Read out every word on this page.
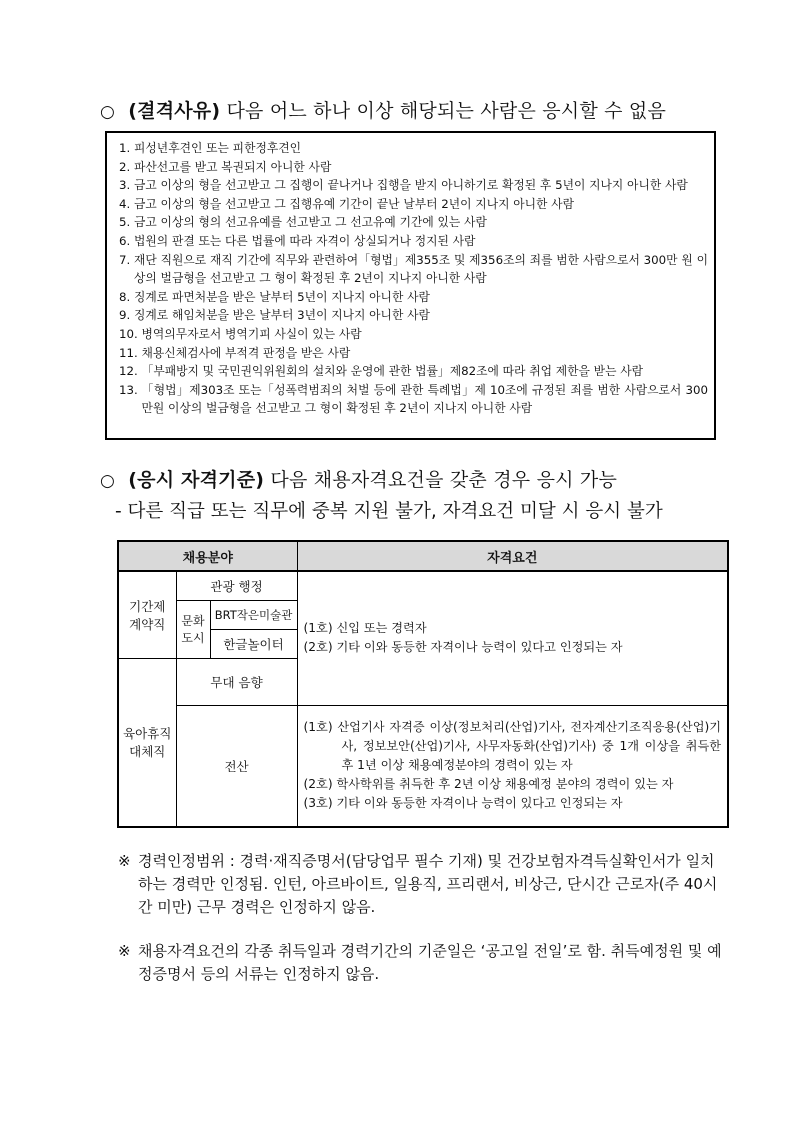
○ (결격사유) 다음 어느 하나 이상 해당되는 사람은 응시할 수 없음
1. 피성년후견인 또는 피한정후견인
2. 파산선고를 받고 복권되지 아니한 사람
3. 금고 이상의 형을 선고받고 그 집행이 끝나거나 집행을 받지 아니하기로 확정된 후 5년이 지나지 아니한 사람
4. 금고 이상의 형을 선고받고 그 집행유예 기간이 끝난 날부터 2년이 지나지 아니한 사람
5. 금고 이상의 형의 선고유예를 선고받고 그 선고유예 기간에 있는 사람
6. 법원의 판결 또는 다른 법률에 따라 자격이 상실되거나 정지된 사람
7. 재단 직원으로 재직 기간에 직무와 관련하여「형법」제355조 및 제356조의 죄를 범한 사람으로서 300만 원 이상의 벌금형을 선고받고 그 형이 확정된 후 2년이 지나지 아니한 사람
8. 징계로 파면처분을 받은 날부터 5년이 지나지 아니한 사람
9. 징계로 해임처분을 받은 날부터 3년이 지나지 아니한 사람
10. 병역의무자로서 병역기피 사실이 있는 사람
11. 채용신체검사에 부적격 판정을 받은 사람
12. 「부패방지 및 국민권익위원회의 설치와 운영에 관한 법률」제82조에 따라 취업 제한을 받는 사람
13. 「형법」제303조 또는「성폭력범죄의 처벌 등에 관한 특례법」제 10조에 규정된 죄를 범한 사람으로서 300만원 이상의 벌금형을 선고받고 그 형이 확정된 후 2년이 지나지 아니한 사람
○ (응시 자격기준) 다음 채용자격요건을 갖춘 경우 응시 가능
- 다른 직급 또는 직무에 중복 지원 불가, 자격요건 미달 시 응시 불가
채용분야			자격요건
기간제 계약직	관광 행정		(1호) 신입 또는 경력자
(2호) 기타 이와 동등한 자격이나 능력이 있다고 인정되는 자

	문화 도시	BRT작은미술관	
		한글놀이터	
육아휴직 대체직	무대 음향		
	전산		(1호) 산업기사 자격증 이상(정보처리(산업)기사, 전자계산기조직응용(산업)기사, 정보보안(산업)기사, 사무자동화(산업)기사) 중 1개 이상을 취득한 후 1년 이상 채용예정분야의 경력이 있는 자
(2호) 학사학위를 취득한 후 2년 이상 채용예정 분야의 경력이 있는 자
(3호) 기타 이와 동등한 자격이나 능력이 있다고 인정되는 자
※ 경력인정범위 : 경력·재직증명서(담당업무 필수 기재) 및 건강보험자격득실확인서가 일치하는 경력만 인정됨. 인턴, 아르바이트, 일용직, 프리랜서, 비상근, 단시간 근로자(주 40시간 미만) 근무 경력은 인정하지 않음.
※ 채용자격요건의 각종 취득일과 경력기간의 기준일은 ‘공고일 전일’로 함. 취득예정원 및 예정증명서 등의 서류는 인정하지 않음.
